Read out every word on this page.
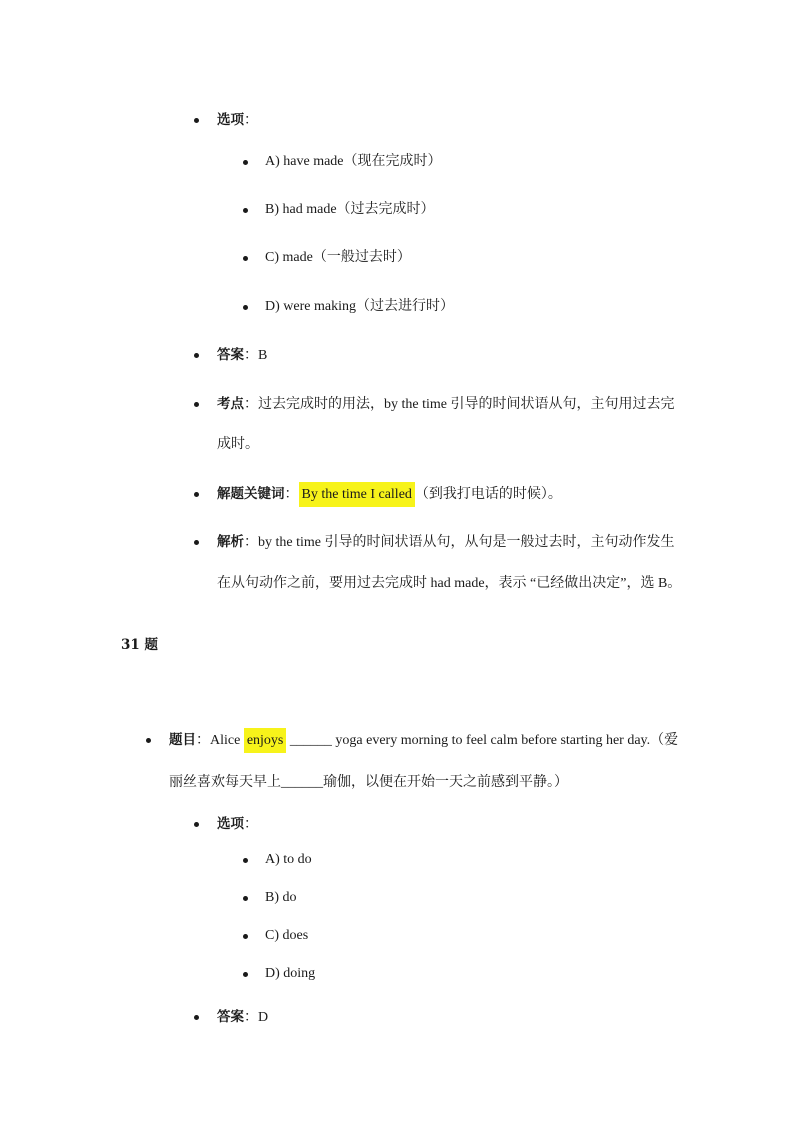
选项：
A) have made（现在完成时）
B) had made（过去完成时）
C) made（一般过去时）
D) were making（过去进行时）
答案：B
考点：过去完成时的用法，by the time 引导的时间状语从句，主句用过去完
成时。
解题关键词： By the time I called （到我打电话的时候）。
解析：by the time 引导的时间状语从句，从句是一般过去时，主句动作发生
在从句动作之前，要用过去完成时 had made，表示 “已经做出决定”，选 B。
31 题
题目：Alice enjoys ______ yoga every morning to feel calm before starting her day.（爱
丽丝喜欢每天早上______瑜伽，以便在开始一天之前感到平静。）
选项：
A) to do
B) do
C) does
D) doing
答案：D
